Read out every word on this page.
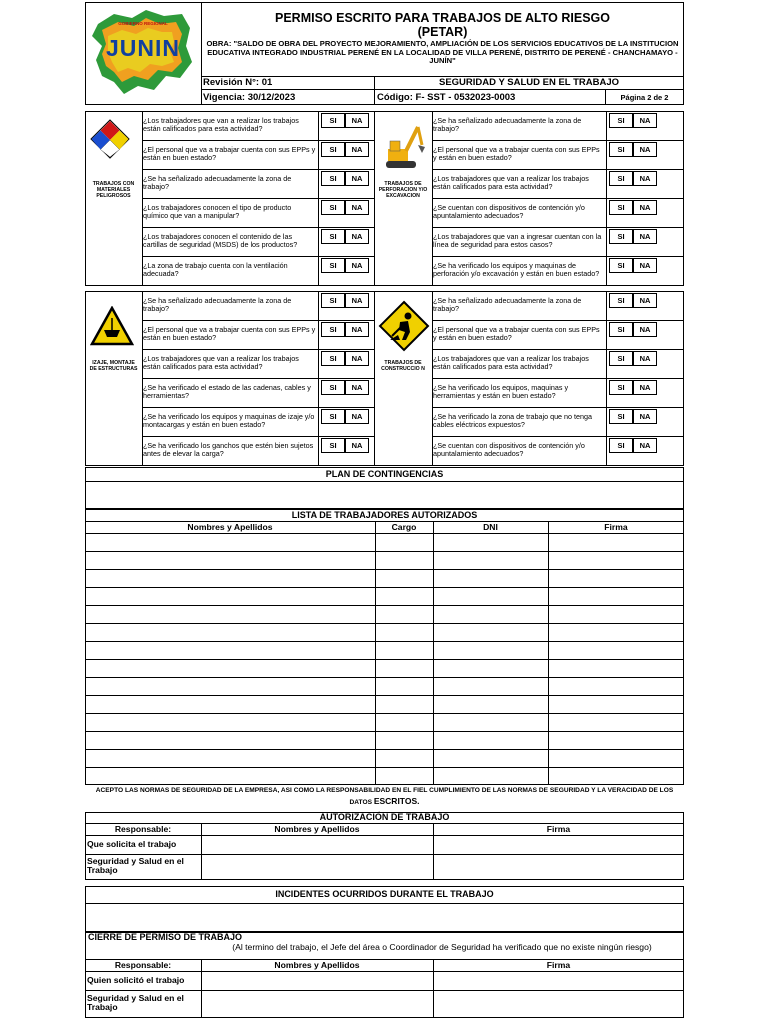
GOBIERNO REGIONAL
JUNIN
PERMISO ESCRITO PARA TRABAJOS DE ALTO RIESGO
(PETAR)
OBRA: "SALDO DE OBRA DEL PROYECTO MEJORAMIENTO, AMPLIACIÓN DE LOS SERVICIOS EDUCATIVOS DE LA INSTITUCION EDUCATIVA INTEGRADO INDUSTRIAL PERENÉ EN LA LOCALIDAD DE VILLA PERENÉ, DISTRITO DE PERENÉ - CHANCHAMAYO - JUNÍN"
Revisión N°: 01	SEGURIDAD Y SALUD EN EL TRABAJO
Vigencia: 30/12/2023	Código: F- SST - 0532023-0003	Página 2 de 2
TRABAJOS CON MATERIALES PELIGROSOS
¿Los trabajadores que van a realizar los trabajos están calificados para esta actividad?
SI	NA
¿El personal que va a trabajar cuenta con sus EPPs y están en buen estado?
SI	NA
¿Se ha señalizado adecuadamente la zona de trabajo?
SI	NA
¿Los trabajadores conocen el tipo de producto químico que van a manipular?
SI	NA
¿Los trabajadores conocen el contenido de las cartillas de seguridad (MSDS) de los productos?
SI	NA
¿La zona de trabajo cuenta con la ventilación adecuada?
SI	NA
TRABAJOS DE PERFORACION Y/O EXCAVACION
¿Se ha señalizado adecuadamente la zona de trabajo?
SI	NA
¿El personal que va a trabajar cuenta con sus EPPs y están en buen estado?
SI	NA
¿Los trabajadores que van a realizar los trabajos están calificados para esta actividad?
SI	NA
¿Se cuentan con dispositivos de contención y/o apuntalamiento adecuados?
SI	NA
¿Los trabajadores que van a ingresar cuentan con la línea de seguridad para estos casos?
SI	NA
¿Se ha verificado los equipos y maquinas de perforación y/o excavación y están en buen estado?
SI	NA
IZAJE, MONTAJE DE ESTRUCTURAS
¿Se ha señalizado adecuadamente la zona de trabajo?
SI	NA
¿El personal que va a trabajar cuenta con sus EPPs y están en buen estado?
SI	NA
¿Los trabajadores que van a realizar los trabajos están calificados para esta actividad?
SI	NA
¿Se ha verificado el estado de las cadenas, cables y herramientas?
SI	NA
¿Se ha verificado los equipos y maquinas de izaje y/o montacargas y están en buen estado?
SI	NA
¿Se ha verificado los ganchos que estén bien sujetos antes de elevar la carga?
SI	NA
TRABAJOS DE CONSTRUCCIO N
¿Se ha señalizado adecuadamente la zona de trabajo?
SI	NA
¿El personal que va a trabajar cuenta con sus EPPs y están en buen estado?
SI	NA
¿Los trabajadores que van a realizar los trabajos están calificados para esta actividad?
SI	NA
¿Se ha verificado los equipos, maquinas y herramientas y están en buen estado?
SI	NA
¿Se ha verificado la zona de trabajo que no tenga cables eléctricos expuestos?
SI	NA
¿Se cuentan con dispositivos de contención y/o apuntalamiento adecuados?
SI	NA
PLAN DE CONTINGENCIAS
LISTA DE TRABAJADORES AUTORIZADOS
Nombres y Apellidos	Cargo	DNI	Firma
ACEPTO LAS NORMAS DE SEGURIDAD DE LA EMPRESA, ASI COMO LA RESPONSABILIDAD EN EL FIEL CUMPLIMIENTO DE LAS NORMAS DE SEGURIDAD Y LA VERACIDAD DE LOS DATOS ESCRITOS.
AUTORIZACIÓN DE TRABAJO
Responsable:	Nombres y Apellidos	Firma
Que solicita el trabajo
Seguridad y Salud en el Trabajo
INCIDENTES OCURRIDOS DURANTE EL TRABAJO
CIERRE DE PERMISO DE TRABAJO
(Al termino del trabajo, el Jefe del área o Coordinador de Seguridad ha verificado que no existe ningún riesgo)
Responsable:	Nombres y Apellidos	Firma
Quien solicitó el trabajo
Seguridad y Salud en el Trabajo
